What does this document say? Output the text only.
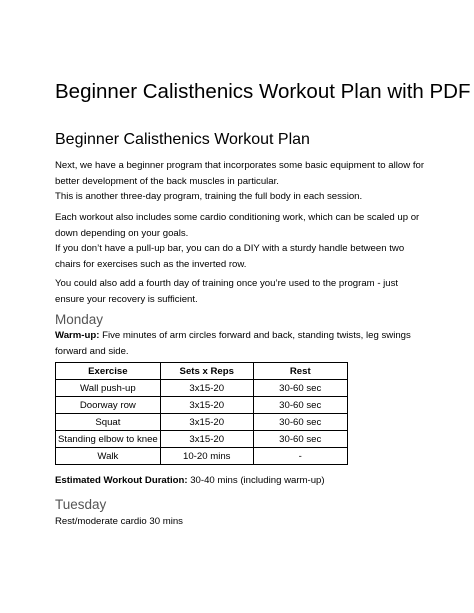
Beginner Calisthenics Workout Plan with PDF
Beginner Calisthenics Workout Plan

Next, we have a beginner program that incorporates some basic equipment to allow for better development of the back muscles in particular.

This is another three-day program, training the full body in each session.

Each workout also includes some cardio conditioning work, which can be scaled up or down depending on your goals.

If you don’t have a pull-up bar, you can do a DIY with a sturdy handle between two chairs for exercises such as the inverted row.

You could also add a fourth day of training once you’re used to the program - just ensure your recovery is sufficient.

Monday

Warm-up: Five minutes of arm circles forward and back, standing twists, leg swings forward and side.

Exercise	Sets x Reps	Rest
Wall push-up	3x15-20	30-60 sec
Doorway row	3x15-20	30-60 sec
Squat	3x15-20	30-60 sec
Standing elbow to knee	3x15-20	30-60 sec
Walk	10-20 mins	-

Estimated Workout Duration: 30-40 mins (including warm-up)

Tuesday

Rest/moderate cardio 30 mins
